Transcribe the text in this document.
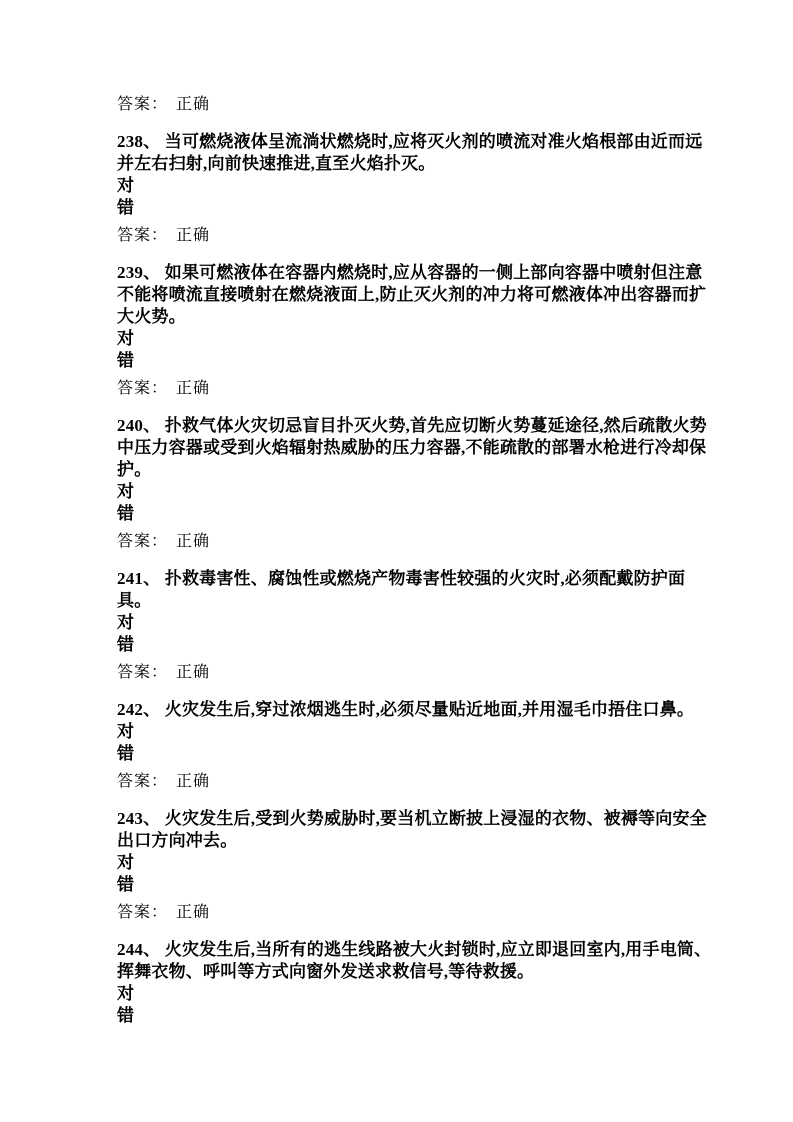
答案： 正确
238、 当可燃烧液体呈流淌状燃烧时,应将灭火剂的喷流对准火焰根部由近而远
并左右扫射,向前快速推进,直至火焰扑灭。
对
错
答案： 正确
239、 如果可燃液体在容器内燃烧时,应从容器的一侧上部向容器中喷射但注意
不能将喷流直接喷射在燃烧液面上,防止灭火剂的冲力将可燃液体冲出容器而扩
大火势。
对
错
答案： 正确
240、 扑救气体火灾切忌盲目扑灭火势,首先应切断火势蔓延途径,然后疏散火势
中压力容器或受到火焰辐射热威胁的压力容器,不能疏散的部署水枪进行冷却保
护。
对
错
答案： 正确
241、 扑救毒害性、腐蚀性或燃烧产物毒害性较强的火灾时,必须配戴防护面
具。
对
错
答案： 正确
242、 火灾发生后,穿过浓烟逃生时,必须尽量贴近地面,并用湿毛巾捂住口鼻。
对
错
答案： 正确
243、 火灾发生后,受到火势威胁时,要当机立断披上浸湿的衣物、被褥等向安全
出口方向冲去。
对
错
答案： 正确
244、 火灾发生后,当所有的逃生线路被大火封锁时,应立即退回室内,用手电筒、
挥舞衣物、呼叫等方式向窗外发送求救信号,等待救援。
对
错
